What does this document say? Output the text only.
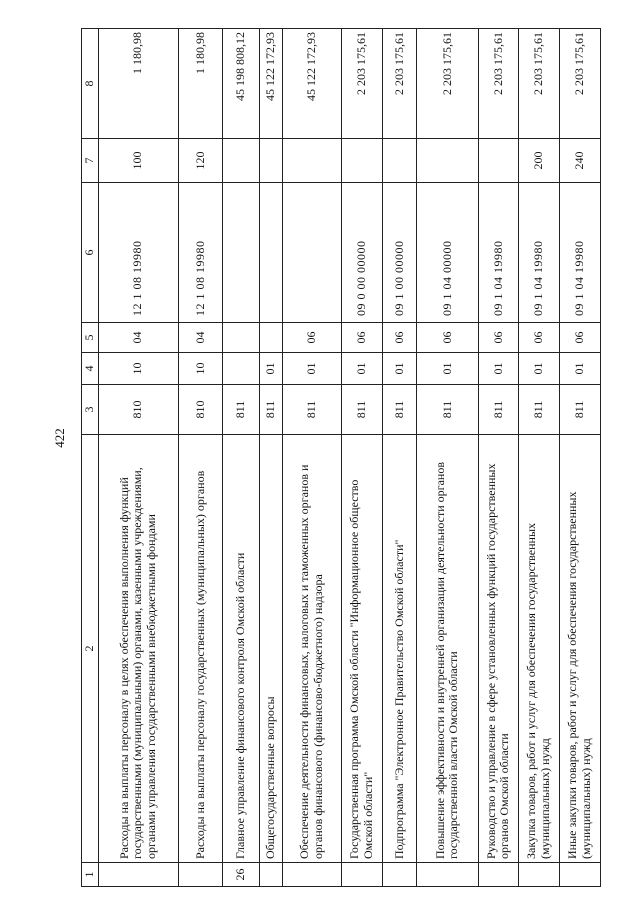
422
1	2	3	4	5	6	7	8
	Расходы на выплаты персоналу в целях обеспечения выполнения функций государственными (муниципальными) органами, казенными учреждениями, органами управления государственными внебюджетными фондами	810	10	04	12 1 08 19980	100	1 180,98
	Расходы на выплаты персоналу государственных (муниципальных) органов	810	10	04	12 1 08 19980	120	1 180,98
26	Главное управление финансового контроля Омской области	811					45 198 808,12
	Общегосударственные вопросы	811	01				45 122 172,93
	Обеспечение деятельности финансовых, налоговых и таможенных органов и органов финансового (финансово-бюджетного) надзора	811	01	06			45 122 172,93
	Государственная программа Омской области "Информационное общество Омской области"	811	01	06	09 0 00 00000		2 203 175,61
	Подпрограмма "Электронное Правительство Омской области"	811	01	06	09 1 00 00000		2 203 175,61
	Повышение эффективности и внутренней организации деятельности органов государственной власти Омской области	811	01	06	09 1 04 00000		2 203 175,61
	Руководство и управление в сфере установленных функций государственных органов Омской области	811	01	06	09 1 04 19980		2 203 175,61
	Закупка товаров, работ и услуг для обеспечения государственных (муниципальных) нужд	811	01	06	09 1 04 19980	200	2 203 175,61
	Иные закупки товаров, работ и услуг для обеспечения государственных (муниципальных) нужд	811	01	06	09 1 04 19980	240	2 203 175,61
